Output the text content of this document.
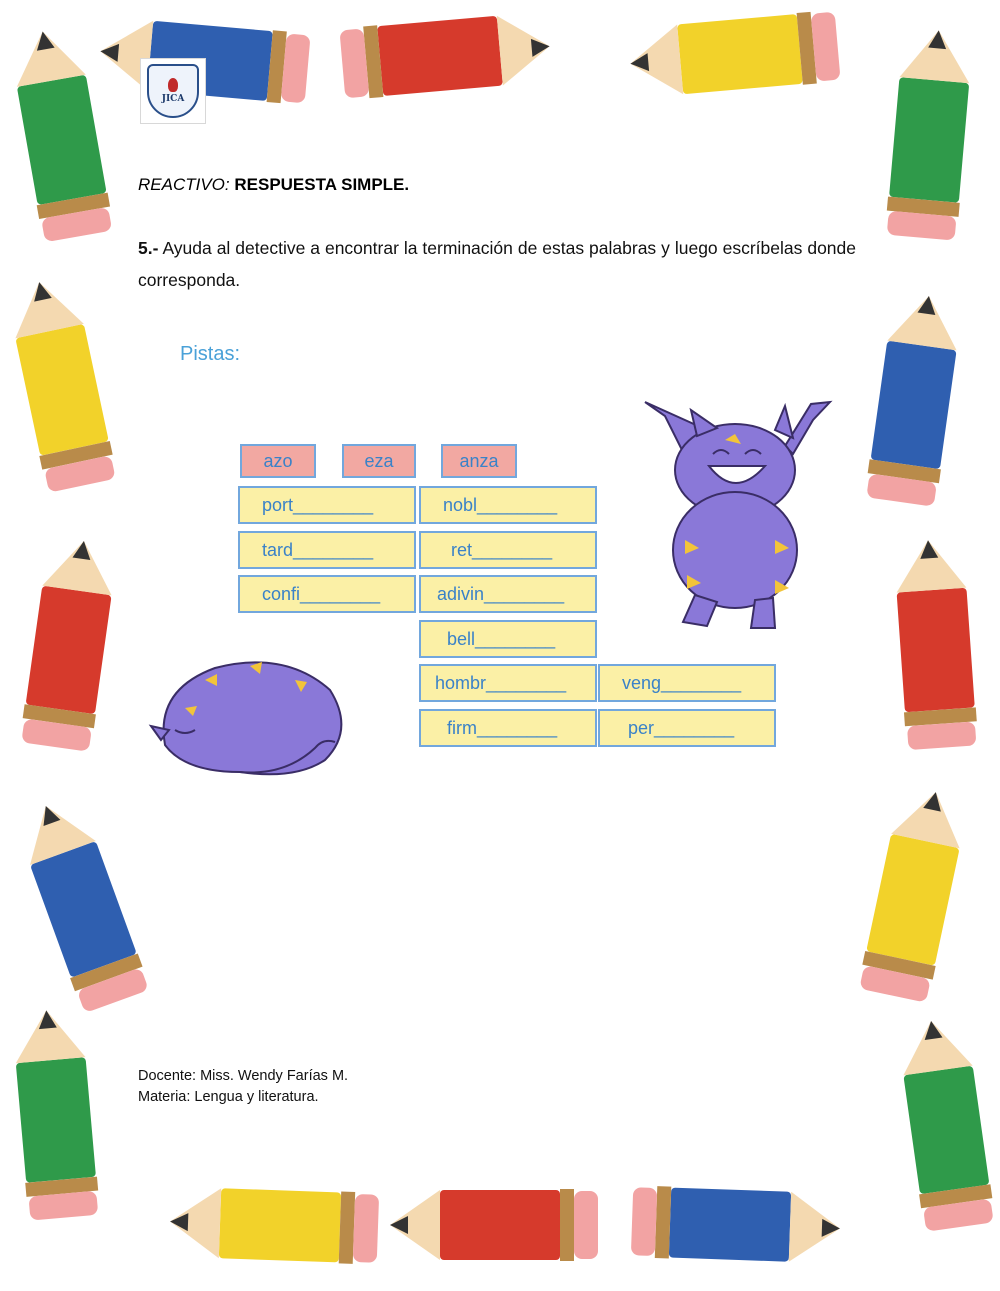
JICA
REACTIVO: RESPUESTA SIMPLE.
5.- Ayuda al detective a encontrar la terminación de estas palabras y luego escríbelas donde corresponda.
Pistas:
azo	eza	anza
port________	nobl________
tard________	ret________
confi________	adivin________
bell________
hombr________	veng________
firm________	per________
Docente: Miss. Wendy Farías M.
Materia: Lengua y literatura.
